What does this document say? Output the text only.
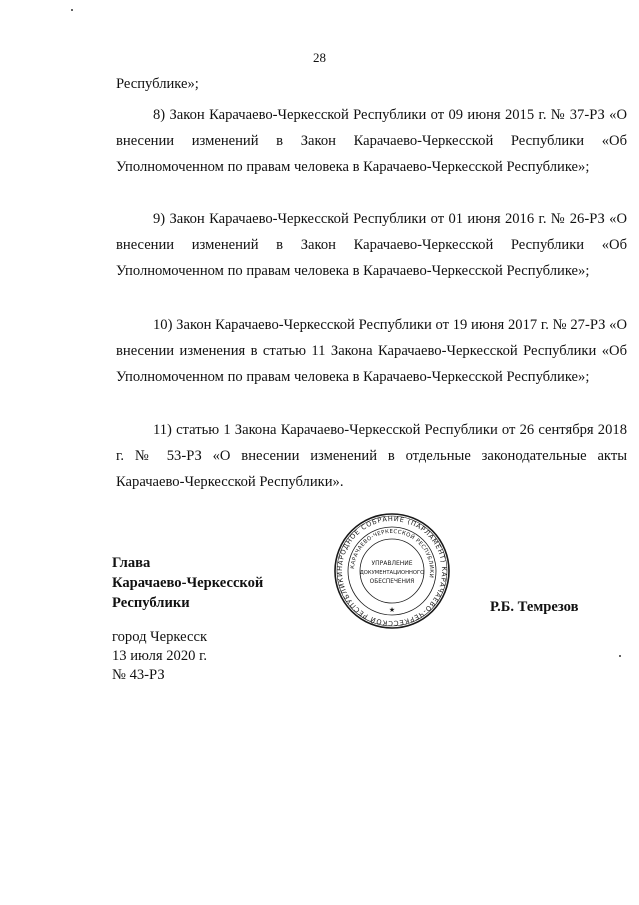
28
Республике»;
8) Закон Карачаево-Черкесской Республики от 09 июня 2015 г. № 37-РЗ «О внесении изменений в Закон Карачаево-Черкесской Республики «Об Уполномоченном по правам человека в Карачаево-Черкесской Республике»;
9) Закон Карачаево-Черкесской Республики от 01 июня 2016 г. № 26-РЗ «О внесении изменений в Закон Карачаево-Черкесской Республики «Об Уполномоченном по правам человека в Карачаево-Черкесской Республике»;
10) Закон Карачаево-Черкесской Республики от 19 июня 2017 г. № 27-РЗ «О внесении изменения в статью 11 Закона Карачаево-Черкесской Республики «Об Уполномоченном по правам человека в Карачаево-Черкесской Республике»;
11) статью 1 Закона Карачаево-Черкесской Республики от 26 сентября 2018 г. № 53-РЗ «О внесении изменений в отдельные законодательные акты Карачаево-Черкесской Республики».
Глава
Карачаево-Черкесской
Республики	Р.Б. Темрезов
город Черкесск
13 июля 2020 г.
№ 43-РЗ
НАРОДНОЕ СОБРАНИЕ (ПАРЛАМЕНТ) КАРАЧАЕВО-ЧЕРКЕССКОЙ РЕСПУБЛИКИ
КАРАЧАЕВО-ЧЕРКЕССКОЙ РЕСПУБЛИКИ
УПРАВЛЕНИЕ
ДОКУМЕНТАЦИОННОГО
ОБЕСПЕЧЕНИЯ
★
